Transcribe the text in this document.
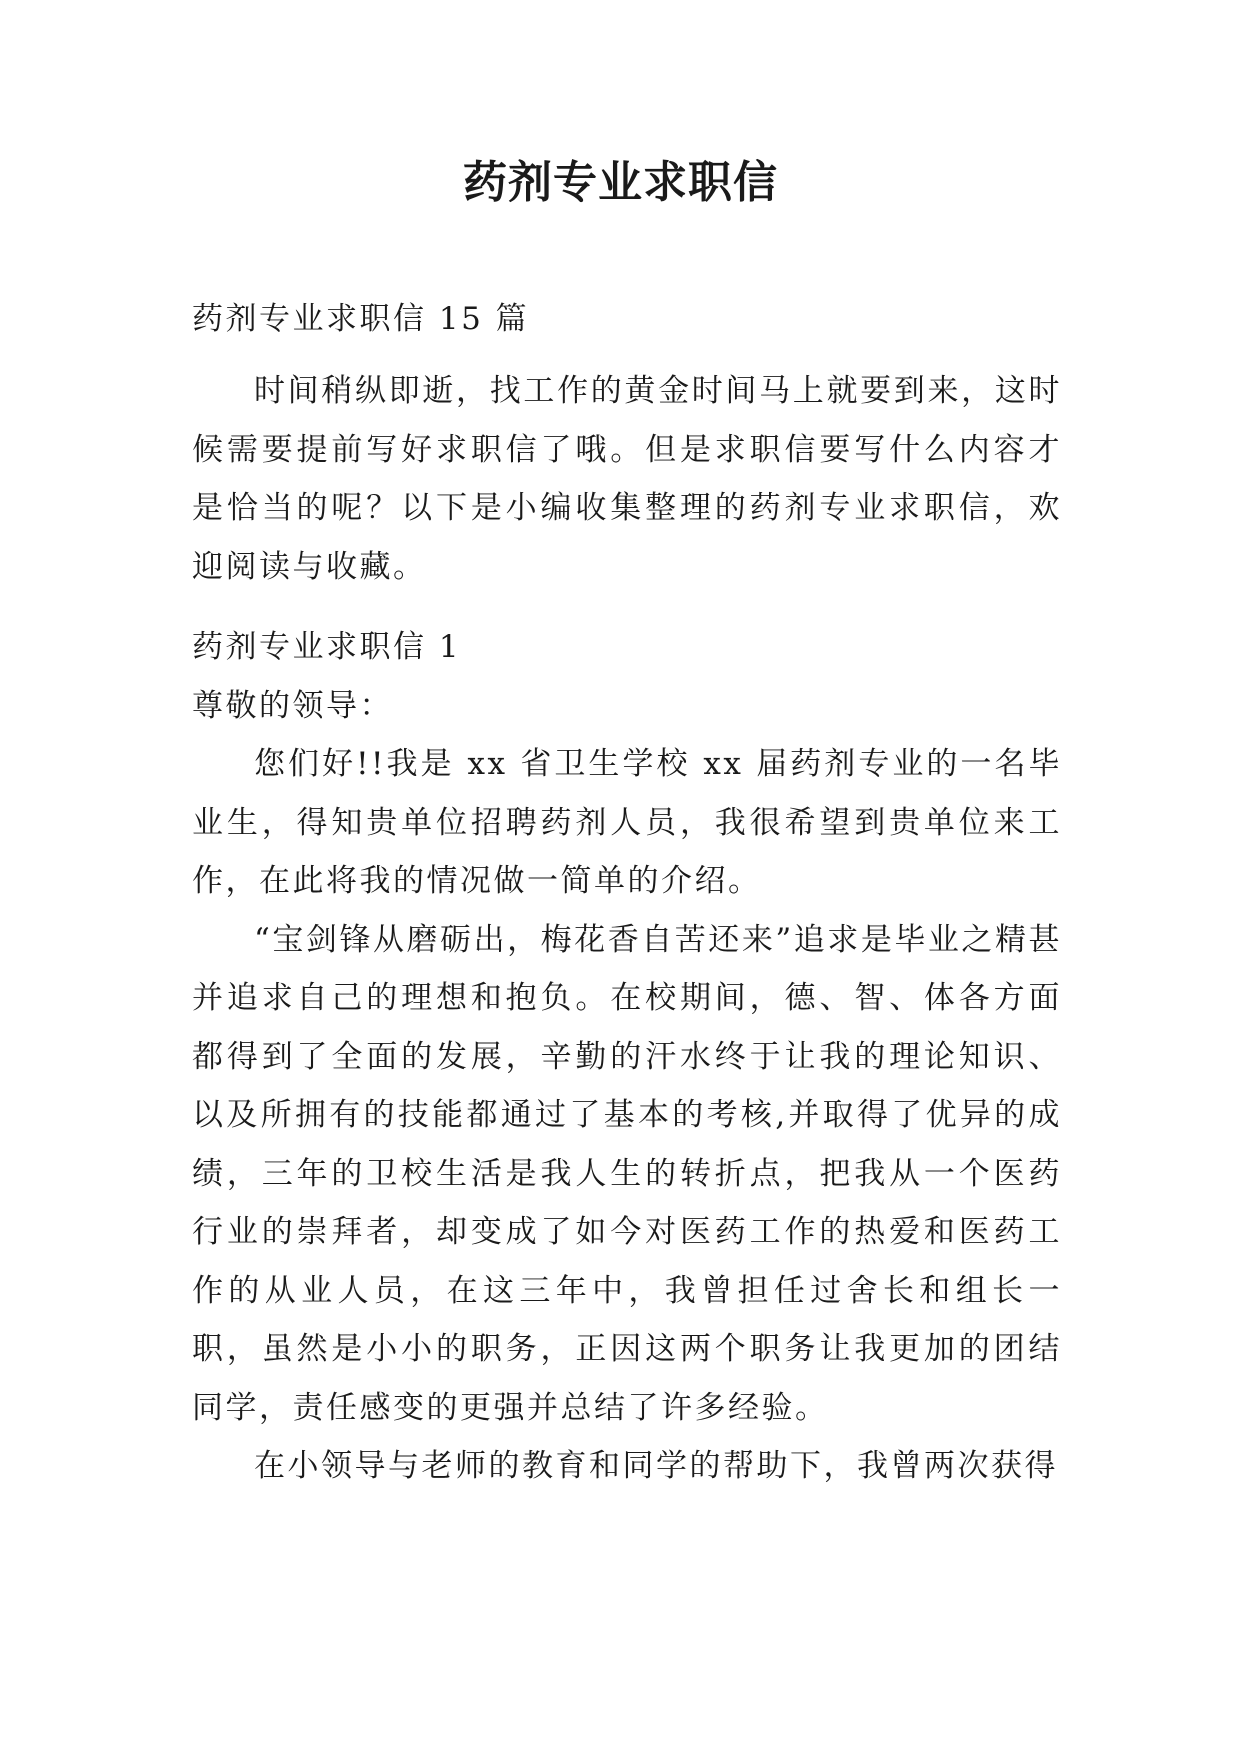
药剂专业求职信

药剂专业求职信 15 篇

时间稍纵即逝，找工作的黄金时间马上就要到来，这时候需要提前写好求职信了哦。但是求职信要写什么内容才是恰当的呢？以下是小编收集整理的药剂专业求职信，欢迎阅读与收藏。

药剂专业求职信 1

尊敬的领导：

您们好!!我是 xx 省卫生学校 xx 届药剂专业的一名毕业生，得知贵单位招聘药剂人员，我很希望到贵单位来工作，在此将我的情况做一简单的介绍。

“宝剑锋从磨砺出，梅花香自苦还来”追求是毕业之精甚并追求自己的理想和抱负。在校期间，德、智、体各方面都得到了全面的发展，辛勤的汗水终于让我的理论知识、以及所拥有的技能都通过了基本的考核,并取得了优异的成绩，三年的卫校生活是我人生的转折点，把我从一个医药行业的崇拜者，却变成了如今对医药工作的热爱和医药工作的从业人员，在这三年中，我曾担任过舍长和组长一职，虽然是小小的职务，正因这两个职务让我更加的团结同学，责任感变的更强并总结了许多经验。

在小领导与老师的教育和同学的帮助下，我曾两次获得
